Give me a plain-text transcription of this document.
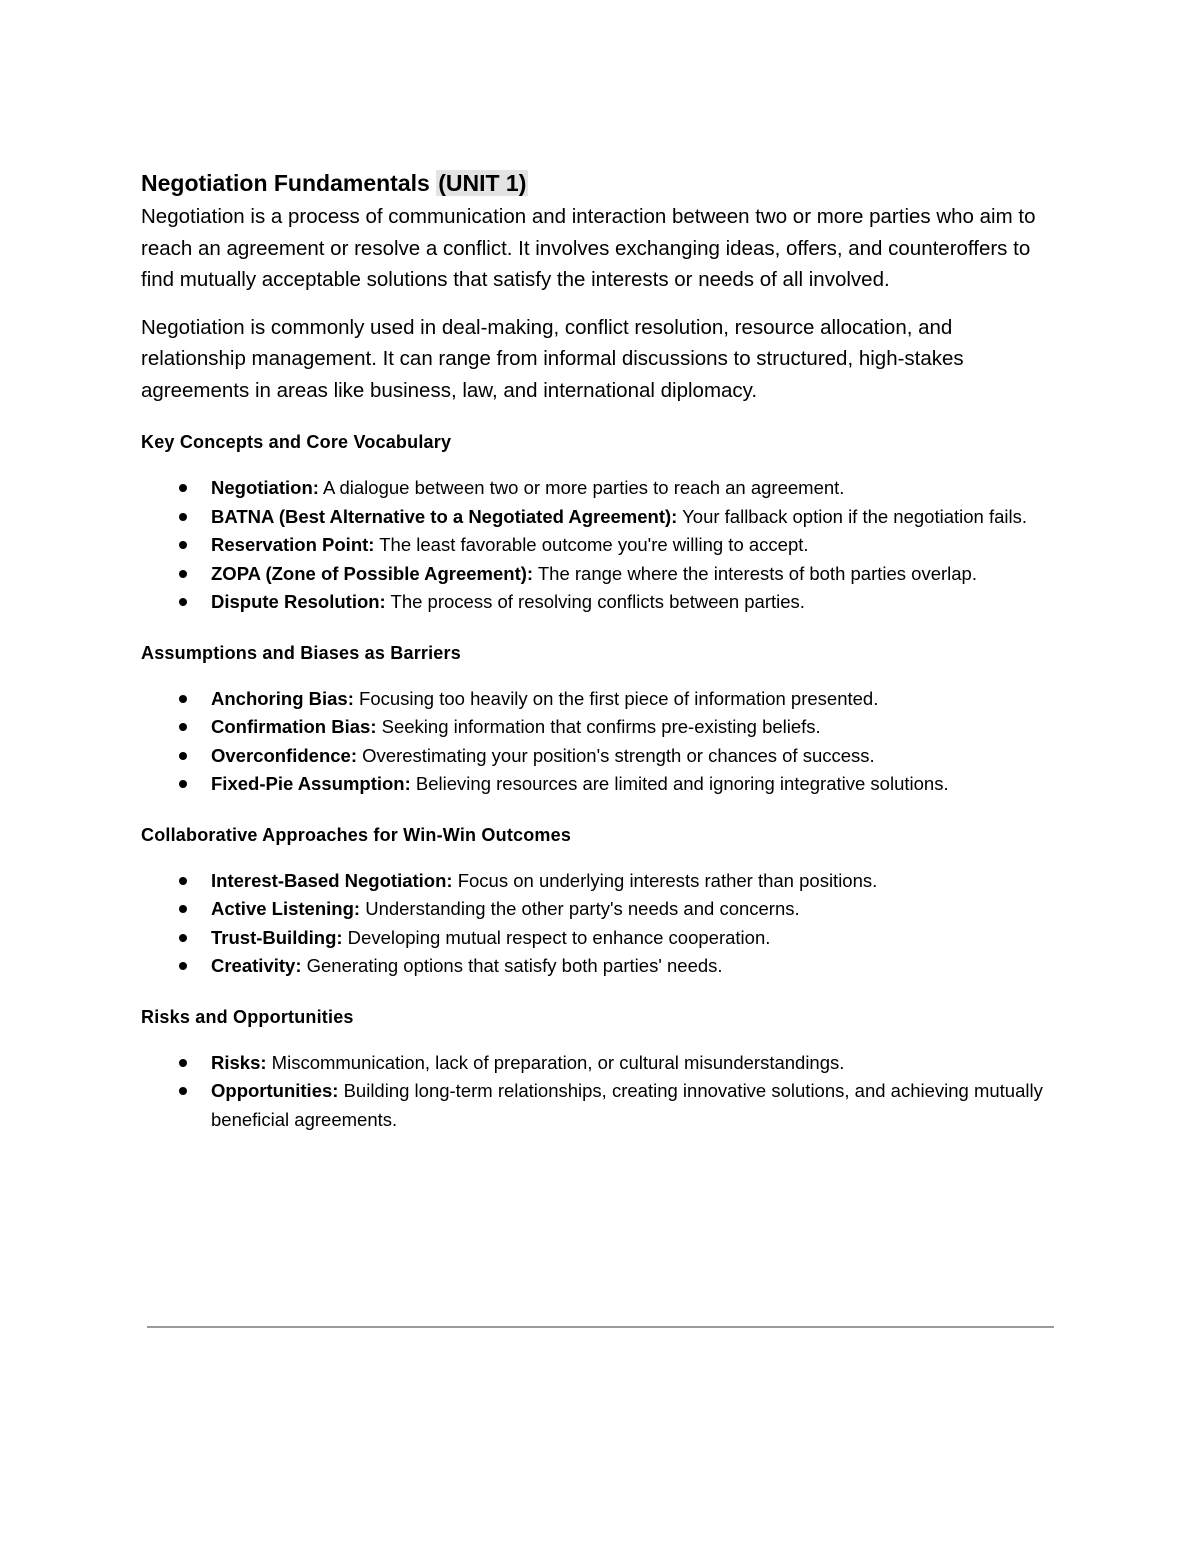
Negotiation Fundamentals (UNIT 1)

Negotiation is a process of communication and interaction between two or more parties who aim to reach an agreement or resolve a conflict. It involves exchanging ideas, offers, and counteroffers to find mutually acceptable solutions that satisfy the interests or needs of all involved.

Negotiation is commonly used in deal-making, conflict resolution, resource allocation, and relationship management. It can range from informal discussions to structured, high-stakes agreements in areas like business, law, and international diplomacy.

Key Concepts and Core Vocabulary
Negotiation: A dialogue between two or more parties to reach an agreement.
BATNA (Best Alternative to a Negotiated Agreement): Your fallback option if the negotiation fails.
Reservation Point: The least favorable outcome you're willing to accept.
ZOPA (Zone of Possible Agreement): The range where the interests of both parties overlap.
Dispute Resolution: The process of resolving conflicts between parties.
Assumptions and Biases as Barriers
Anchoring Bias: Focusing too heavily on the first piece of information presented.
Confirmation Bias: Seeking information that confirms pre-existing beliefs.
Overconfidence: Overestimating your position's strength or chances of success.
Fixed-Pie Assumption: Believing resources are limited and ignoring integrative solutions.
Collaborative Approaches for Win-Win Outcomes
Interest-Based Negotiation: Focus on underlying interests rather than positions.
Active Listening: Understanding the other party's needs and concerns.
Trust-Building: Developing mutual respect to enhance cooperation.
Creativity: Generating options that satisfy both parties' needs.
Risks and Opportunities
Risks: Miscommunication, lack of preparation, or cultural misunderstandings.
Opportunities: Building long-term relationships, creating innovative solutions, and achieving mutually beneficial agreements.
